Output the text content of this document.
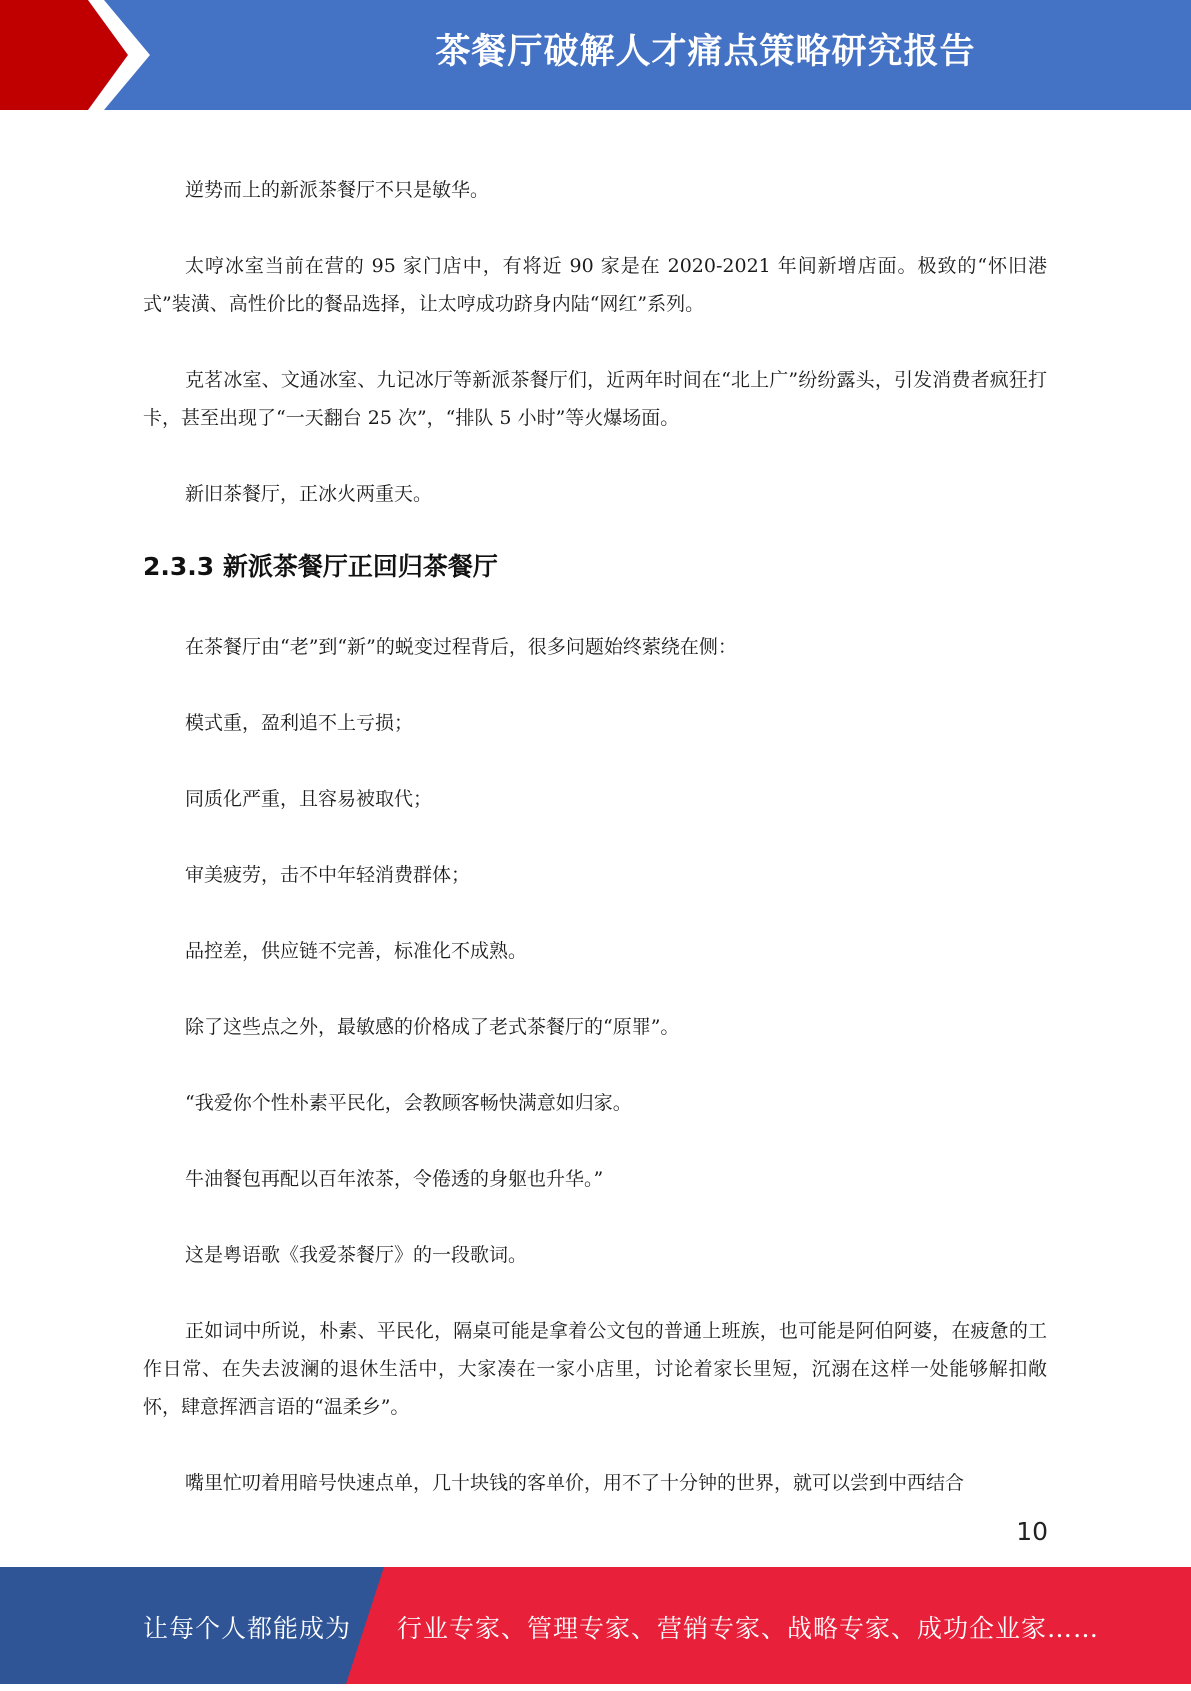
茶餐厅破解人才痛点策略研究报告

逆势而上的新派茶餐厅不只是敏华。

太哼冰室当前在营的 95 家门店中，有将近 90 家是在 2020-2021 年间新增店面。极致的“怀旧港式”装潢、高性价比的餐品选择，让太哼成功跻身内陆“网红”系列。

克茗冰室、文通冰室、九记冰厅等新派茶餐厅们，近两年时间在“北上广”纷纷露头，引发消费者疯狂打卡，甚至出现了“一天翻台 25 次”，“排队 5 小时”等火爆场面。

新旧茶餐厅，正冰火两重天。

2.3.3 新派茶餐厅正回归茶餐厅

在茶餐厅由“老”到“新”的蜕变过程背后，很多问题始终萦绕在侧：

模式重，盈利追不上亏损；

同质化严重，且容易被取代；

审美疲劳，击不中年轻消费群体；

品控差，供应链不完善，标准化不成熟。

除了这些点之外，最敏感的价格成了老式茶餐厅的“原罪”。

“我爱你个性朴素平民化，会教顾客畅快满意如归家。

牛油餐包再配以百年浓茶，令倦透的身躯也升华。”

这是粤语歌《我爱茶餐厅》的一段歌词。

正如词中所说，朴素、平民化，隔桌可能是拿着公文包的普通上班族，也可能是阿伯阿婆，在疲惫的工作日常、在失去波澜的退休生活中，大家凑在一家小店里，讨论着家长里短，沉溺在这样一处能够解扣敞怀，肆意挥洒言语的“温柔乡”。

嘴里忙叨着用暗号快速点单，几十块钱的客单价，用不了十分钟的世界，就可以尝到中西结合

10
让每个人都能成为 行业专家、管理专家、营销专家、战略专家、成功企业家……
